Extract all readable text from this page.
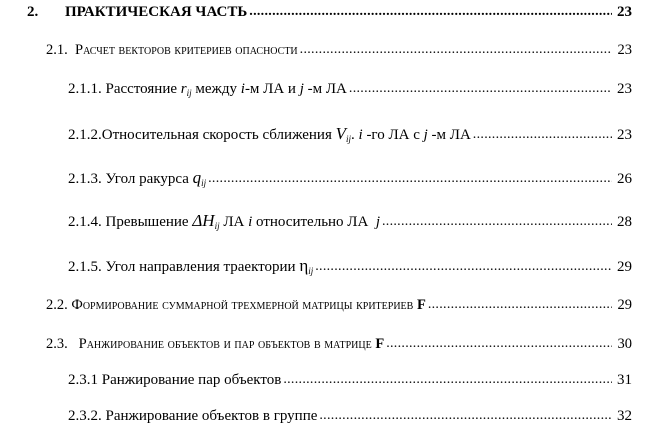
2. ПРАКТИЧЕСКАЯ ЧАСТЬ . . .	23
2.1. Расчет векторов критериев опасности . . .	23
2.1.1. Расстояние $r_{ij}$ между i-м ЛА и j -м ЛА . . .	23
2.1.2.Относительная скорость сближения $V_{ij}$. i -го ЛА с j -м ЛА . . .	23
2.1.3. Угол ракурса $q_{ij}$ . . .	26
2.1.4. Превышение $\Delta H_{ij}$ ЛА i относительно ЛА j . . .	28
2.1.5. Угол направления траектории $\eta_{ij}$ . . .	29
2.2. Формирование суммарной трехмерной матрицы критериев F . . .	29
2.3. Ранжирование объектов и пар объектов в матрице F . . .	30
2.3.1 Ранжирование пар объектов . . .	31
2.3.2. Ранжирование объектов в группе . . .	32
